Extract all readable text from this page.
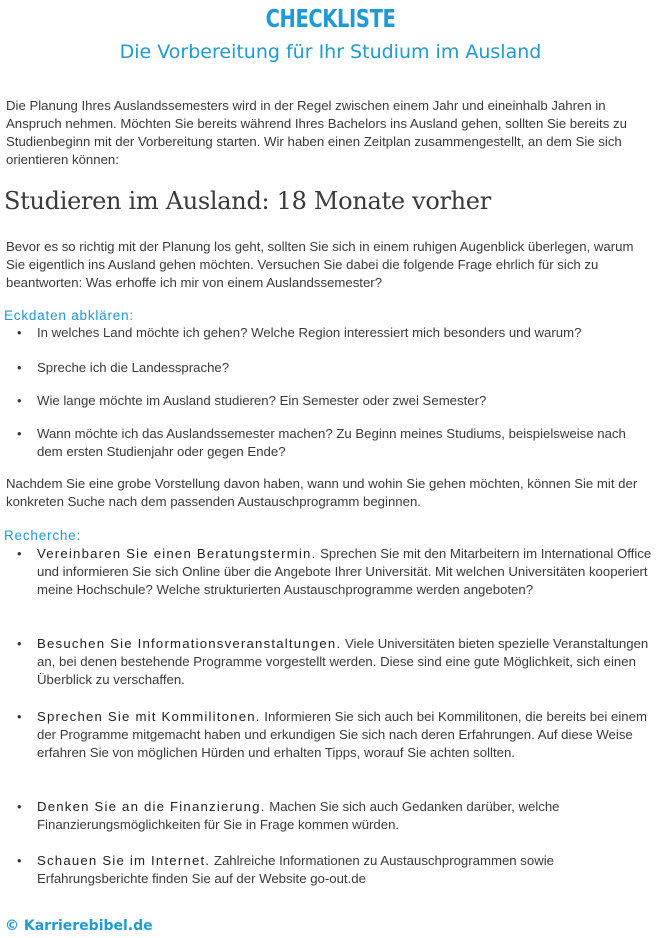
CHECKLISTE
Die Vorbereitung für Ihr Studium im Ausland
Die Planung Ihres Auslandssemesters wird in der Regel zwischen einem Jahr und eineinhalb Jahren in Anspruch nehmen. Möchten Sie bereits während Ihres Bachelors ins Ausland gehen, sollten Sie bereits zu Studienbeginn mit der Vorbereitung starten. Wir haben einen Zeitplan zusammengestellt, an dem Sie sich orientieren können:
Studieren im Ausland: 18 Monate vorher
Bevor es so richtig mit der Planung los geht, sollten Sie sich in einem ruhigen Augenblick überlegen, warum Sie eigentlich ins Ausland gehen möchten. Versuchen Sie dabei die folgende Frage ehrlich für sich zu beantworten: Was erhoffe ich mir von einem Auslandssemester?
Eckdaten abklären:
• In welches Land möchte ich gehen? Welche Region interessiert mich besonders und warum?
• Spreche ich die Landessprache?
• Wie lange möchte im Ausland studieren? Ein Semester oder zwei Semester?
• Wann möchte ich das Auslandssemester machen? Zu Beginn meines Studiums, beispielsweise nach dem ersten Studienjahr oder gegen Ende?
Nachdem Sie eine grobe Vorstellung davon haben, wann und wohin Sie gehen möchten, können Sie mit der konkreten Suche nach dem passenden Austauschprogramm beginnen.
Recherche:
• Vereinbaren Sie einen Beratungstermin. Sprechen Sie mit den Mitarbeitern im International Office und informieren Sie sich Online über die Angebote Ihrer Universität. Mit welchen Universitäten kooperiert meine Hochschule? Welche strukturierten Austauschprogramme werden angeboten?
• Besuchen Sie Informationsveranstaltungen. Viele Universitäten bieten spezielle Veranstaltungen an, bei denen bestehende Programme vorgestellt werden. Diese sind eine gute Möglichkeit, sich einen Überblick zu verschaffen.
• Sprechen Sie mit Kommilitonen. Informieren Sie sich auch bei Kommilitonen, die bereits bei einem der Programme mitgemacht haben und erkundigen Sie sich nach deren Erfahrungen. Auf diese Weise erfahren Sie von möglichen Hürden und erhalten Tipps, worauf Sie achten sollten.
• Denken Sie an die Finanzierung. Machen Sie sich auch Gedanken darüber, welche Finanzierungsmöglichkeiten für Sie in Frage kommen würden.
• Schauen Sie im Internet. Zahlreiche Informationen zu Austauschprogrammen sowie Erfahrungsberichte finden Sie auf der Website go-out.de
© Karrierebibel.de
